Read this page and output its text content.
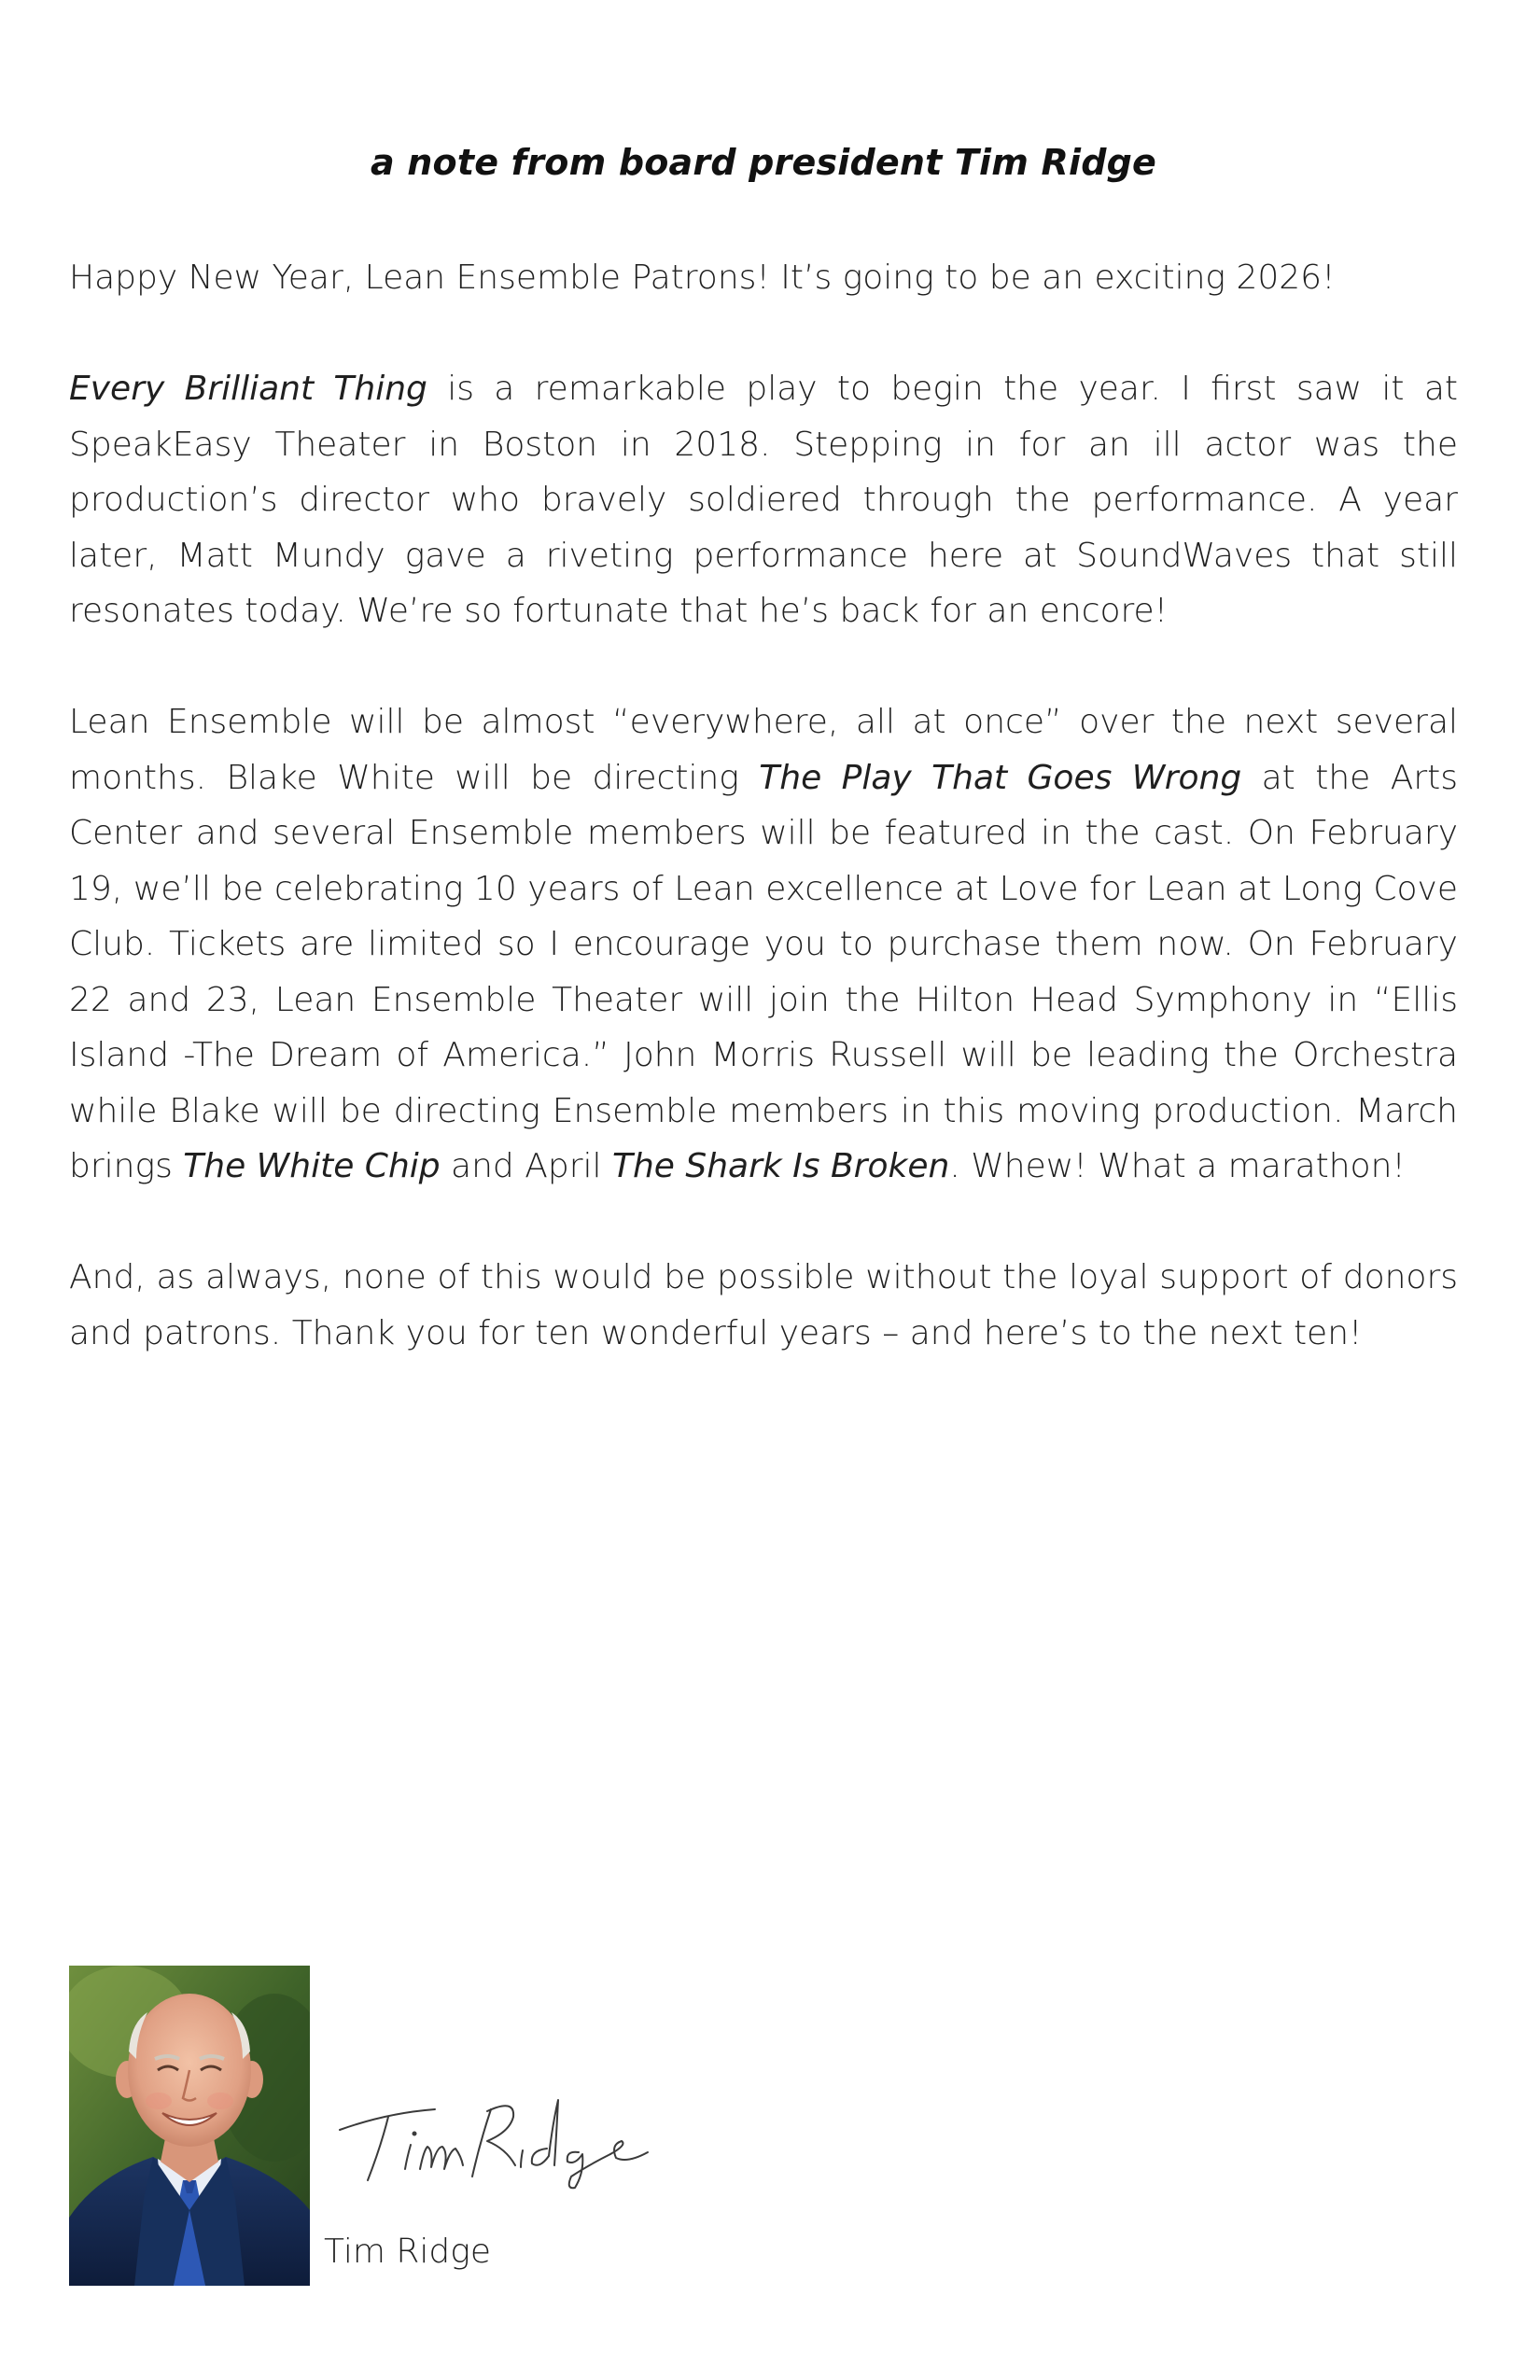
a note from board president Tim Ridge

Happy New Year, Lean Ensemble Patrons! It’s going to be an exciting 2026!

Every Brilliant Thing is a remarkable play to begin the year. I first saw it at SpeakEasy Theater in Boston in 2018. Stepping in for an ill actor was the production’s director who bravely soldiered through the performance. A year later, Matt Mundy gave a riveting performance here at SoundWaves that still resonates today. We’re so fortunate that he’s back for an encore!

Lean Ensemble will be almost “everywhere, all at once” over the next several months. Blake White will be directing The Play That Goes Wrong at the Arts Center and several Ensemble members will be featured in the cast. On February 19, we’ll be celebrating 10 years of Lean excellence at Love for Lean at Long Cove Club. Tickets are limited so I encourage you to purchase them now. On February 22 and 23, Lean Ensemble Theater will join the Hilton Head Symphony in “Ellis Island -The Dream of America.” John Morris Russell will be leading the Orchestra while Blake will be directing Ensemble members in this moving production. March brings The White Chip and April The Shark Is Broken. Whew! What a marathon!

And, as always, none of this would be possible without the loyal support of donors and patrons. Thank you for ten wonderful years – and here’s to the next ten!

Tim Ridge
